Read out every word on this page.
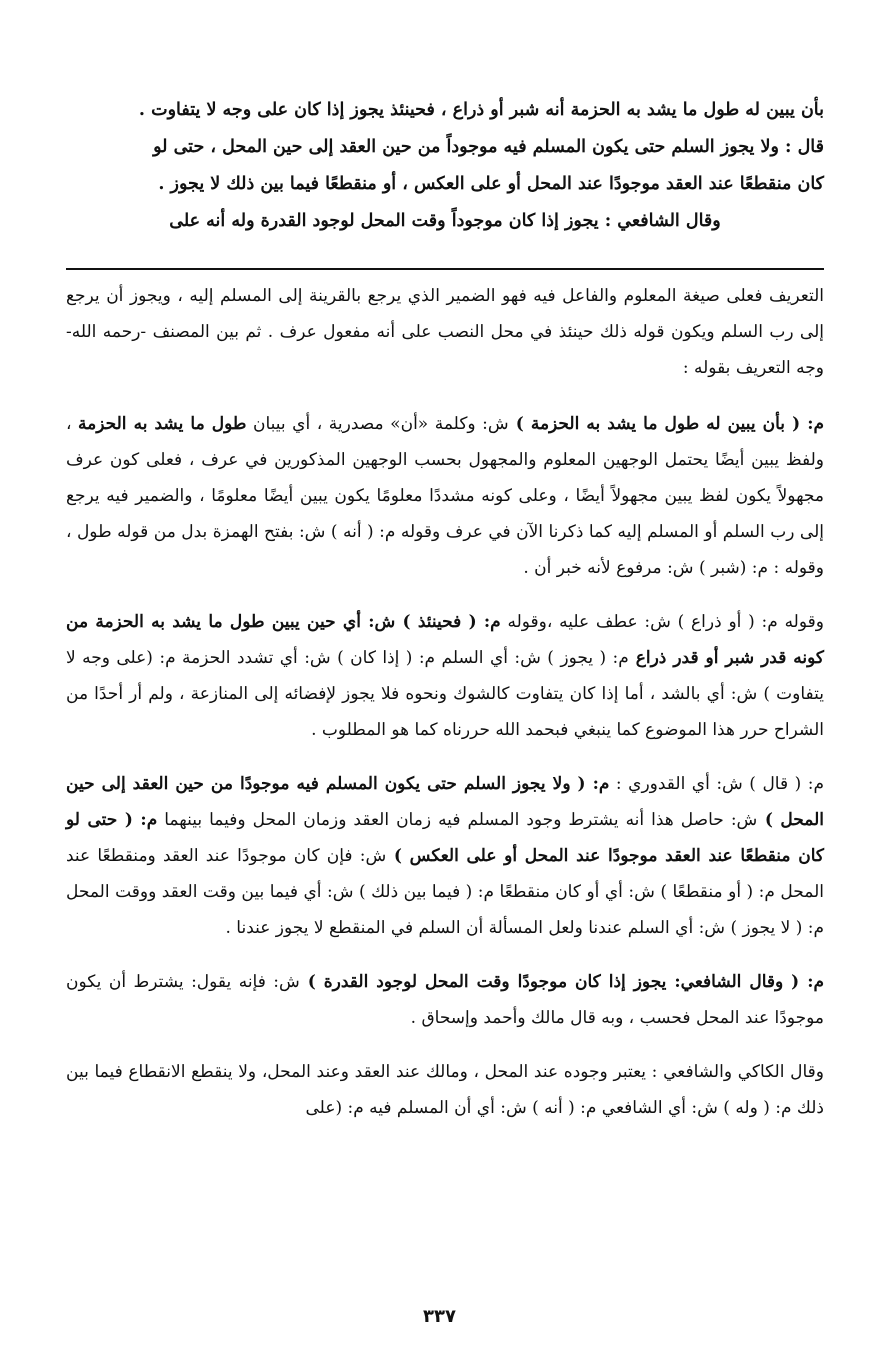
بأن يبين له طول ما يشد به الحزمة أنه شبر أو ذراع ، فحينئذ يجوز إذا كان على وجه لا يتفاوت .

قال : ولا يجوز السلم حتى يكون المسلم فيه موجوداً من حين العقد إلى حين المحل ، حتى لو

كان منقطعًا عند العقد موجودًا عند المحل أو على العكس ، أو منقطعًا فيما بين ذلك لا يجوز .

وقال الشافعي : يجوز إذا كان موجوداً وقت المحل لوجود القدرة وله أنه على

التعريف فعلى صيغة المعلوم والفاعل فيه فهو الضمير الذي يرجع بالقرينة إلى المسلم إليه ، ويجوز أن يرجع إلى رب السلم ويكون قوله ذلك حينئذ في محل النصب على أنه مفعول عرف . ثم بين المصنف -رحمه الله- وجه التعريف بقوله :

م: ( بأن يبين له طول ما يشد به الحزمة ) ش: وكلمة «أن» مصدرية ، أي بيبان طول ما يشد به الحزمة ، ولفظ يبين أيضًا يحتمل الوجهين المعلوم والمجهول بحسب الوجهين المذكورين في عرف ، فعلى كون عرف مجهولاً يكون لفظ يبين مجهولاً أيضًا ، وعلى كونه مشددًا معلومًا يكون يبين أيضًا معلومًا ، والضمير فيه يرجع إلى رب السلم أو المسلم إليه كما ذكرنا الآن في عرف وقوله م: ( أنه ) ش: بفتح الهمزة بدل من قوله طول ، وقوله : م: (شبر ) ش: مرفوع لأنه خبر أن .

وقوله م: ( أو ذراع ) ش: عطف عليه ،وقوله م: ( فحينئذ ) ش: أي حين يبين طول ما يشد به الحزمة من كونه قدر شبر أو قدر ذراع م: ( يجوز ) ش: أي السلم م: ( إذا كان ) ش: أي تشدد الحزمة م: (على وجه لا يتفاوت ) ش: أي بالشد ، أما إذا كان يتفاوت كالشوك ونحوه فلا يجوز لإفضائه إلى المنازعة ، ولم أر أحدًا من الشراح حرر هذا الموضوع كما ينبغي فبحمد الله حررناه كما هو المطلوب .

م: ( قال ) ش: أي القدوري : م: ( ولا يجوز السلم حتى يكون المسلم فيه موجودًا من حين العقد إلى حين المحل ) ش: حاصل هذا أنه يشترط وجود المسلم فيه زمان العقد وزمان المحل وفيما بينهما م: ( حتى لو كان منقطعًا عند العقد موجودًا عند المحل أو على العكس ) ش: فإن كان موجودًا عند العقد ومنقطعًا عند المحل م: ( أو منقطعًا ) ش: أي أو كان منقطعًا م: ( فيما بين ذلك ) ش: أي فيما بين وقت العقد ووقت المحل م: ( لا يجوز ) ش: أي السلم عندنا ولعل المسألة أن السلم في المنقطع لا يجوز عندنا .

م: ( وقال الشافعي: يجوز إذا كان موجودًا وقت المحل لوجود القدرة ) ش: فإنه يقول: يشترط أن يكون موجودًا عند المحل فحسب ، وبه قال مالك وأحمد وإسحاق .

وقال الكاكي والشافعي : يعتبر وجوده عند المحل ، ومالك عند العقد وعند المحل، ولا ينقطع الانقطاع فيما بين ذلك م: ( وله ) ش: أي الشافعي م: ( أنه ) ش: أي أن المسلم فيه م: (على

٣٣٧
